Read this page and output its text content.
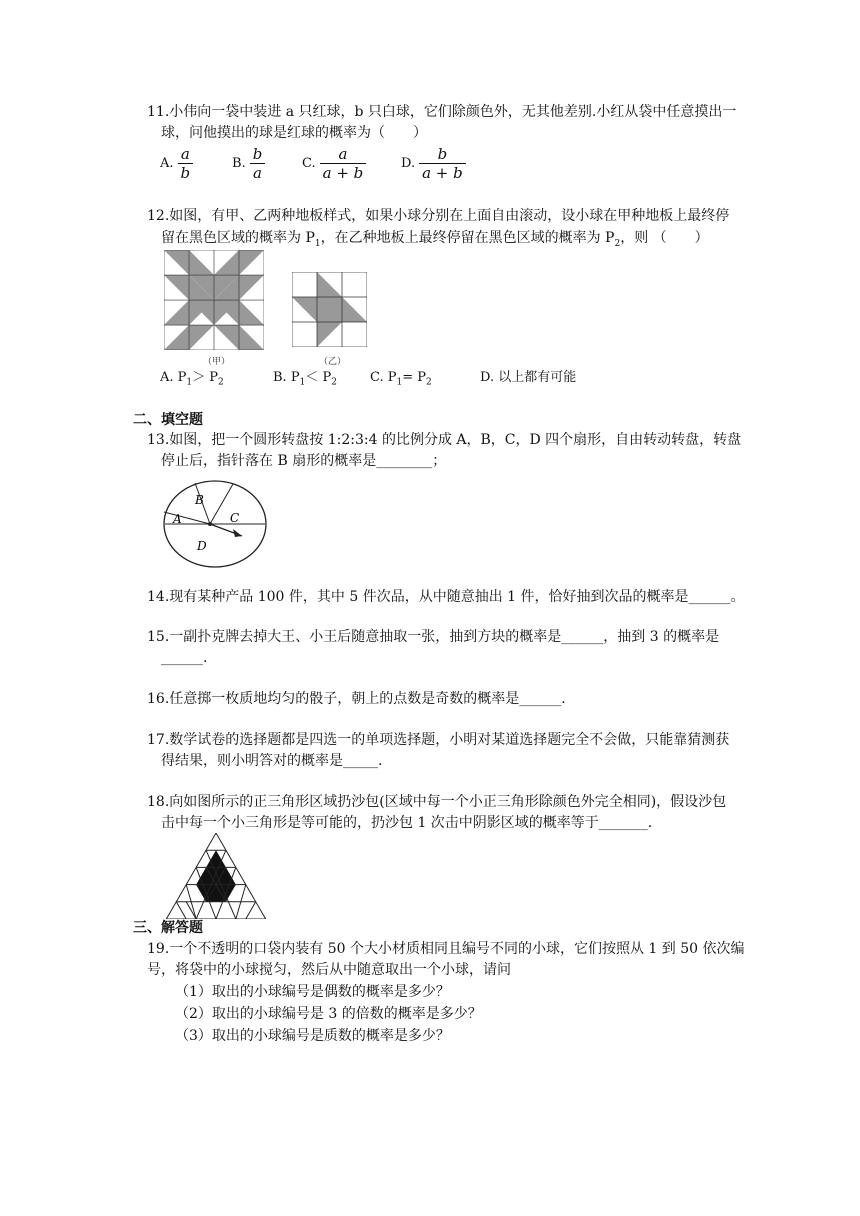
11.小伟向一袋中装进 a 只红球，b 只白球，它们除颜色外，无其他差别.小红从袋中任意摸出一
球，问他摸出的球是红球的概率为（　　）
A. $\frac{a}{b}$	B. $\frac{b}{a}$	C. $\frac{a}{a + b}$	D. $\frac{b}{a + b}$
12.如图，有甲、乙两种地板样式，如果小球分别在上面自由滚动，设小球在甲种地板上最终停
留在黑色区域的概率为 $P_1$，在乙种地板上最终停留在黑色区域的概率为 $P_2$，则 （　　）
（甲）	（乙）
A. $P_1> P_2$	B. $P_1< P_2$	C. $P_1= P_2$	D. 以上都有可能
二、填空题
13.如图，把一个圆形转盘按 1:2:3:4 的比例分成 A，B，C，D 四个扇形，自由转动转盘，转盘
停止后，指针落在 B 扇形的概率是________；
A
B
C
D
14.现有某种产品 100 件，其中 5 件次品，从中随意抽出 1 件，恰好抽到次品的概率是______。
15.一副扑克牌去掉大王、小王后随意抽取一张，抽到方块的概率是______，抽到 3 的概率是
______.
16.任意掷一枚质地均匀的骰子，朝上的点数是奇数的概率是______.
17.数学试卷的选择题都是四选一的单项选择题，小明对某道选择题完全不会做，只能靠猜测获
得结果，则小明答对的概率是_____.
18.向如图所示的正三角形区域扔沙包(区域中每一个小正三角形除颜色外完全相同)，假设沙包
击中每一个小三角形是等可能的，扔沙包 1 次击中阴影区域的概率等于_______.
三、解答题
19.一个不透明的口袋内装有 50 个大小材质相同且编号不同的小球，它们按照从 1 到 50 依次编
号，将袋中的小球搅匀，然后从中随意取出一个小球，请问
（1）取出的小球编号是偶数的概率是多少？
（2）取出的小球编号是 3 的倍数的概率是多少？
（3）取出的小球编号是质数的概率是多少？
